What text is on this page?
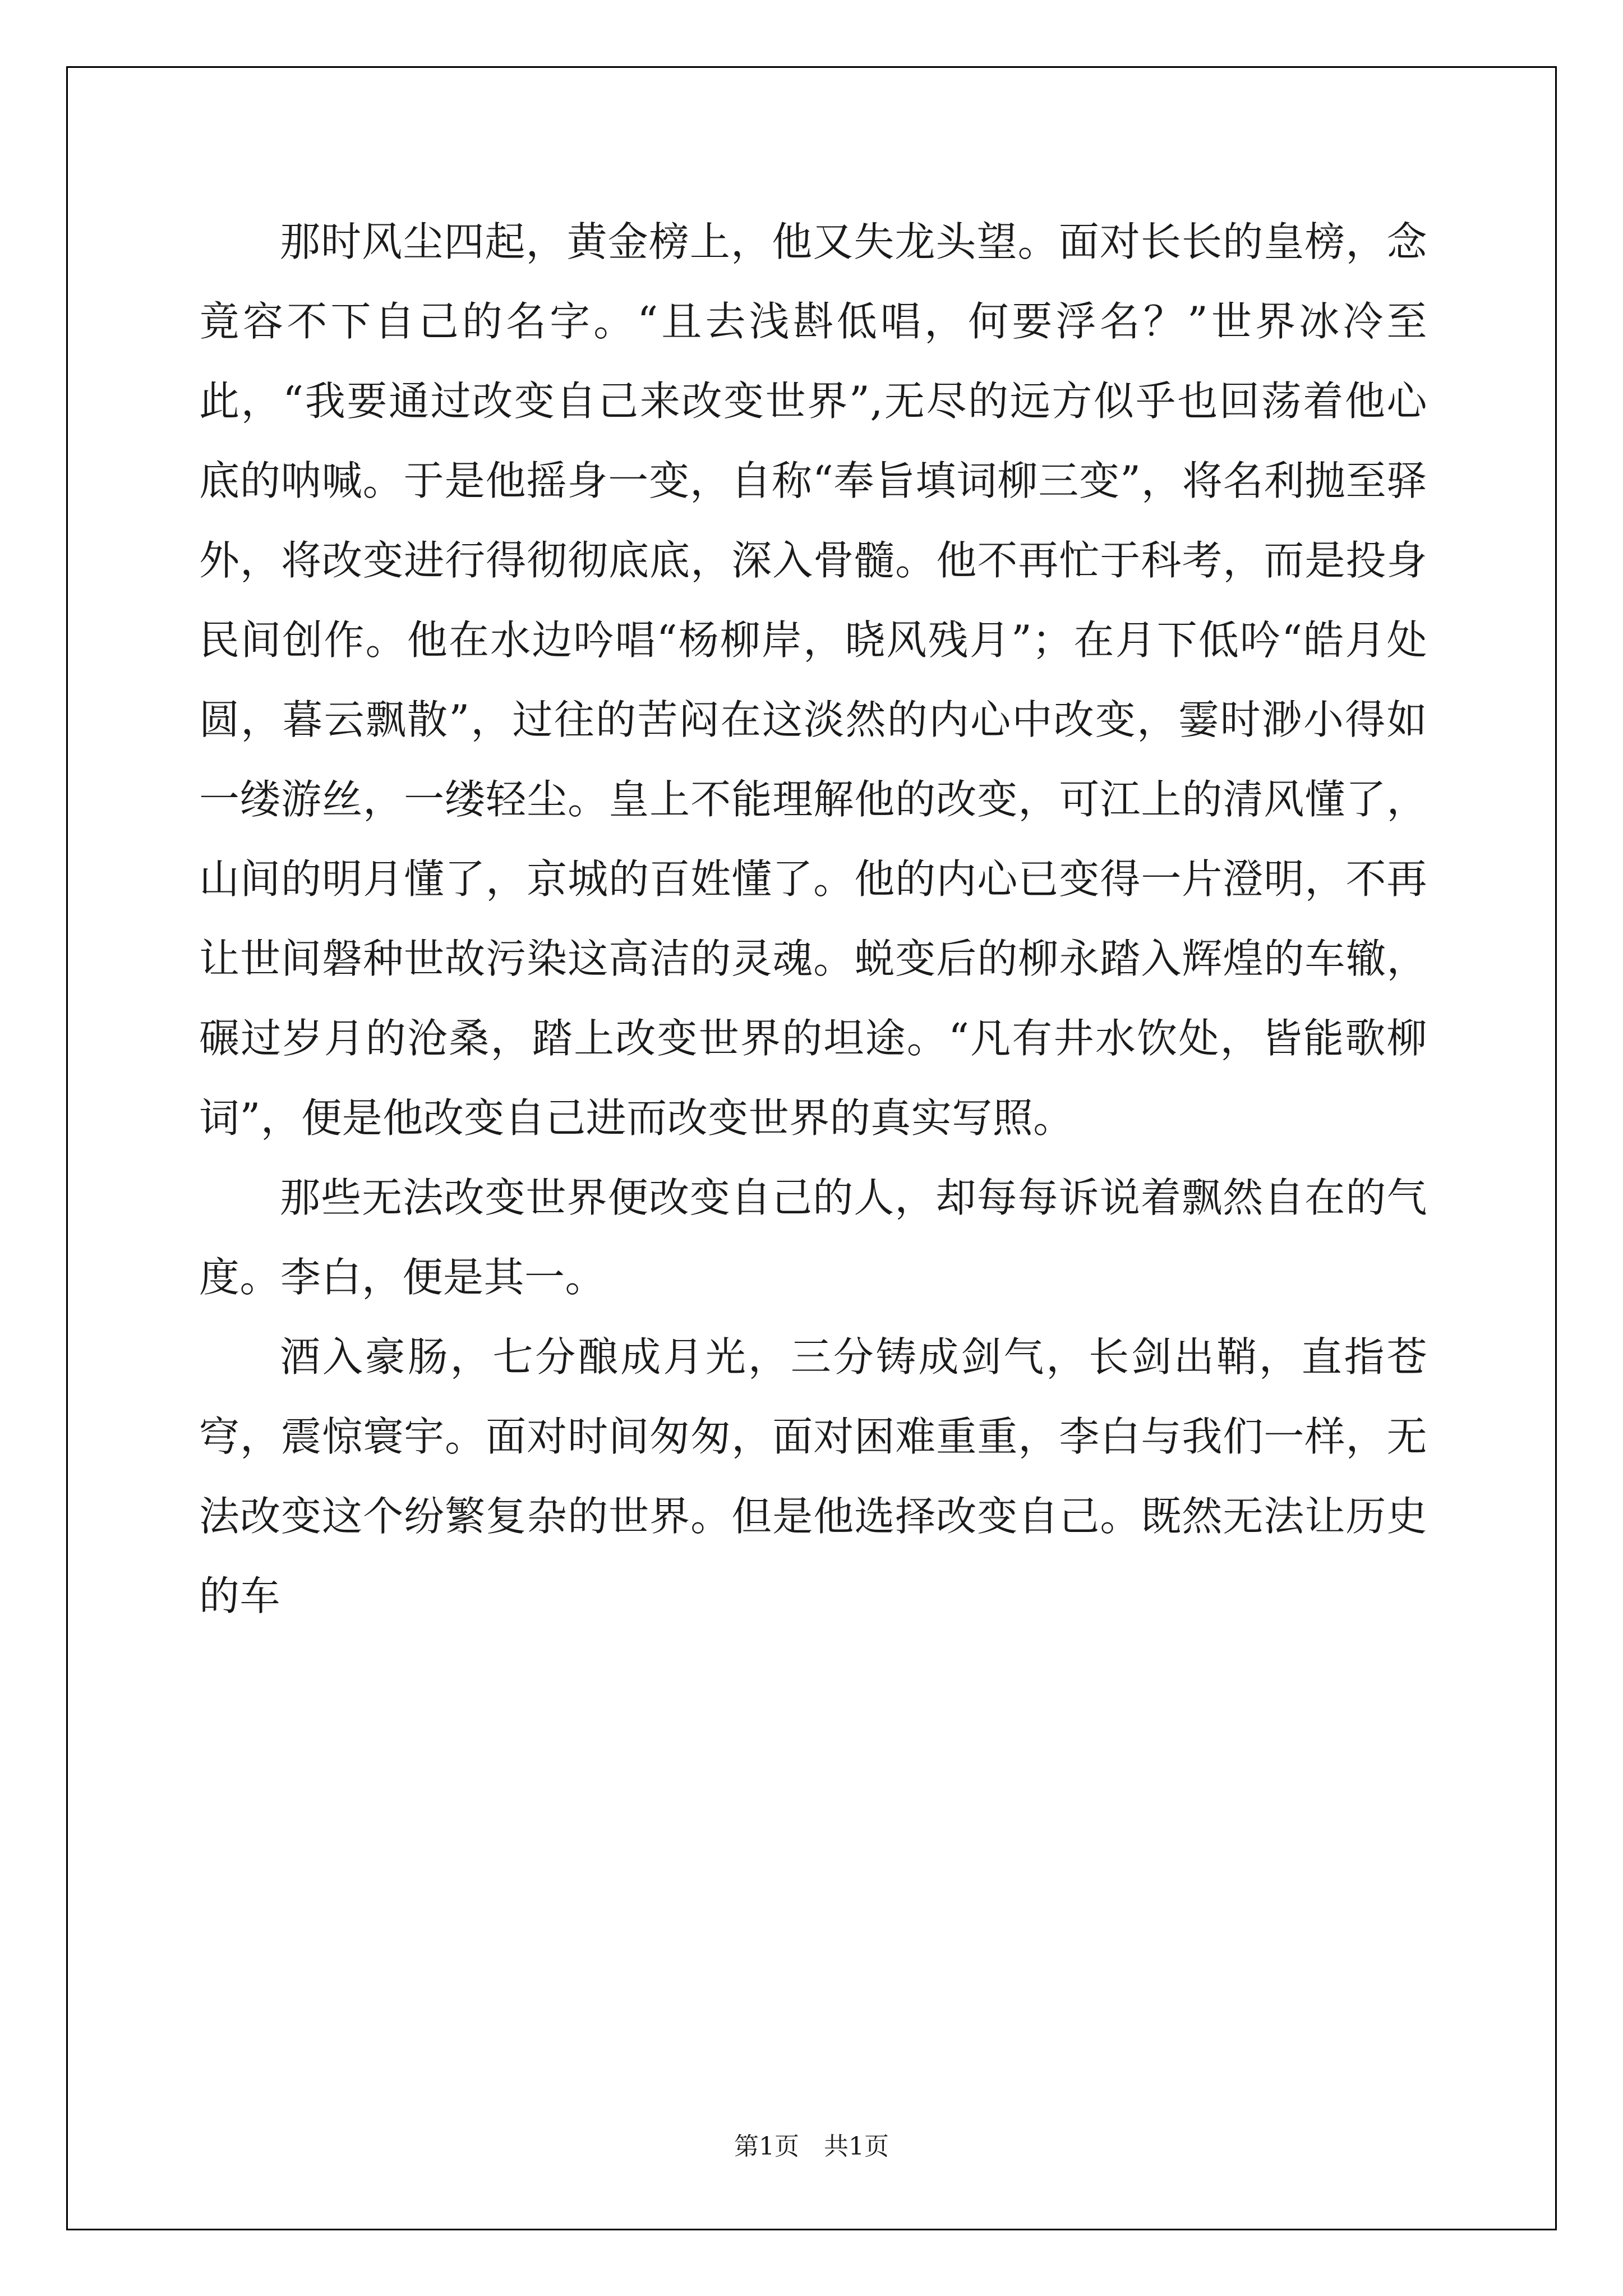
那时风尘四起，黄金榜上，他又失龙头望。面对长长的皇榜，念竟容不下自己的名字。“且去浅斟低唱，何要浮名？”世界冰冷至此，“我要通过改变自己来改变世界”,无尽的远方似乎也回荡着他心底的呐喊。于是他摇身一变，自称“奉旨填词柳三变”，将名利抛至驿外，将改变进行得彻彻底底，深入骨髓。他不再忙于科考，而是投身民间创作。他在水边吟唱“杨柳岸，晓风残月”；在月下低吟“皓月处圆，暮云飘散”，过往的苦闷在这淡然的内心中改变，霎时渺小得如一缕游丝，一缕轻尘。皇上不能理解他的改变，可江上的清风懂了，山间的明月懂了，京城的百姓懂了。他的内心已变得一片澄明，不再让世间磐种世故污染这高洁的灵魂。蜕变后的柳永踏入辉煌的车辙，碾过岁月的沧桑，踏上改变世界的坦途。“凡有井水饮处，皆能歌柳词”，便是他改变自己进而改变世界的真实写照。

那些无法改变世界便改变自己的人，却每每诉说着飘然自在的气度。李白，便是其一。

酒入豪肠，七分酿成月光，三分铸成剑气，长剑出鞘，直指苍穹，震惊寰宇。面对时间匆匆，面对困难重重，李白与我们一样，无法改变这个纷繁复杂的世界。但是他选择改变自己。既然无法让历史的车

第1页　共1页
